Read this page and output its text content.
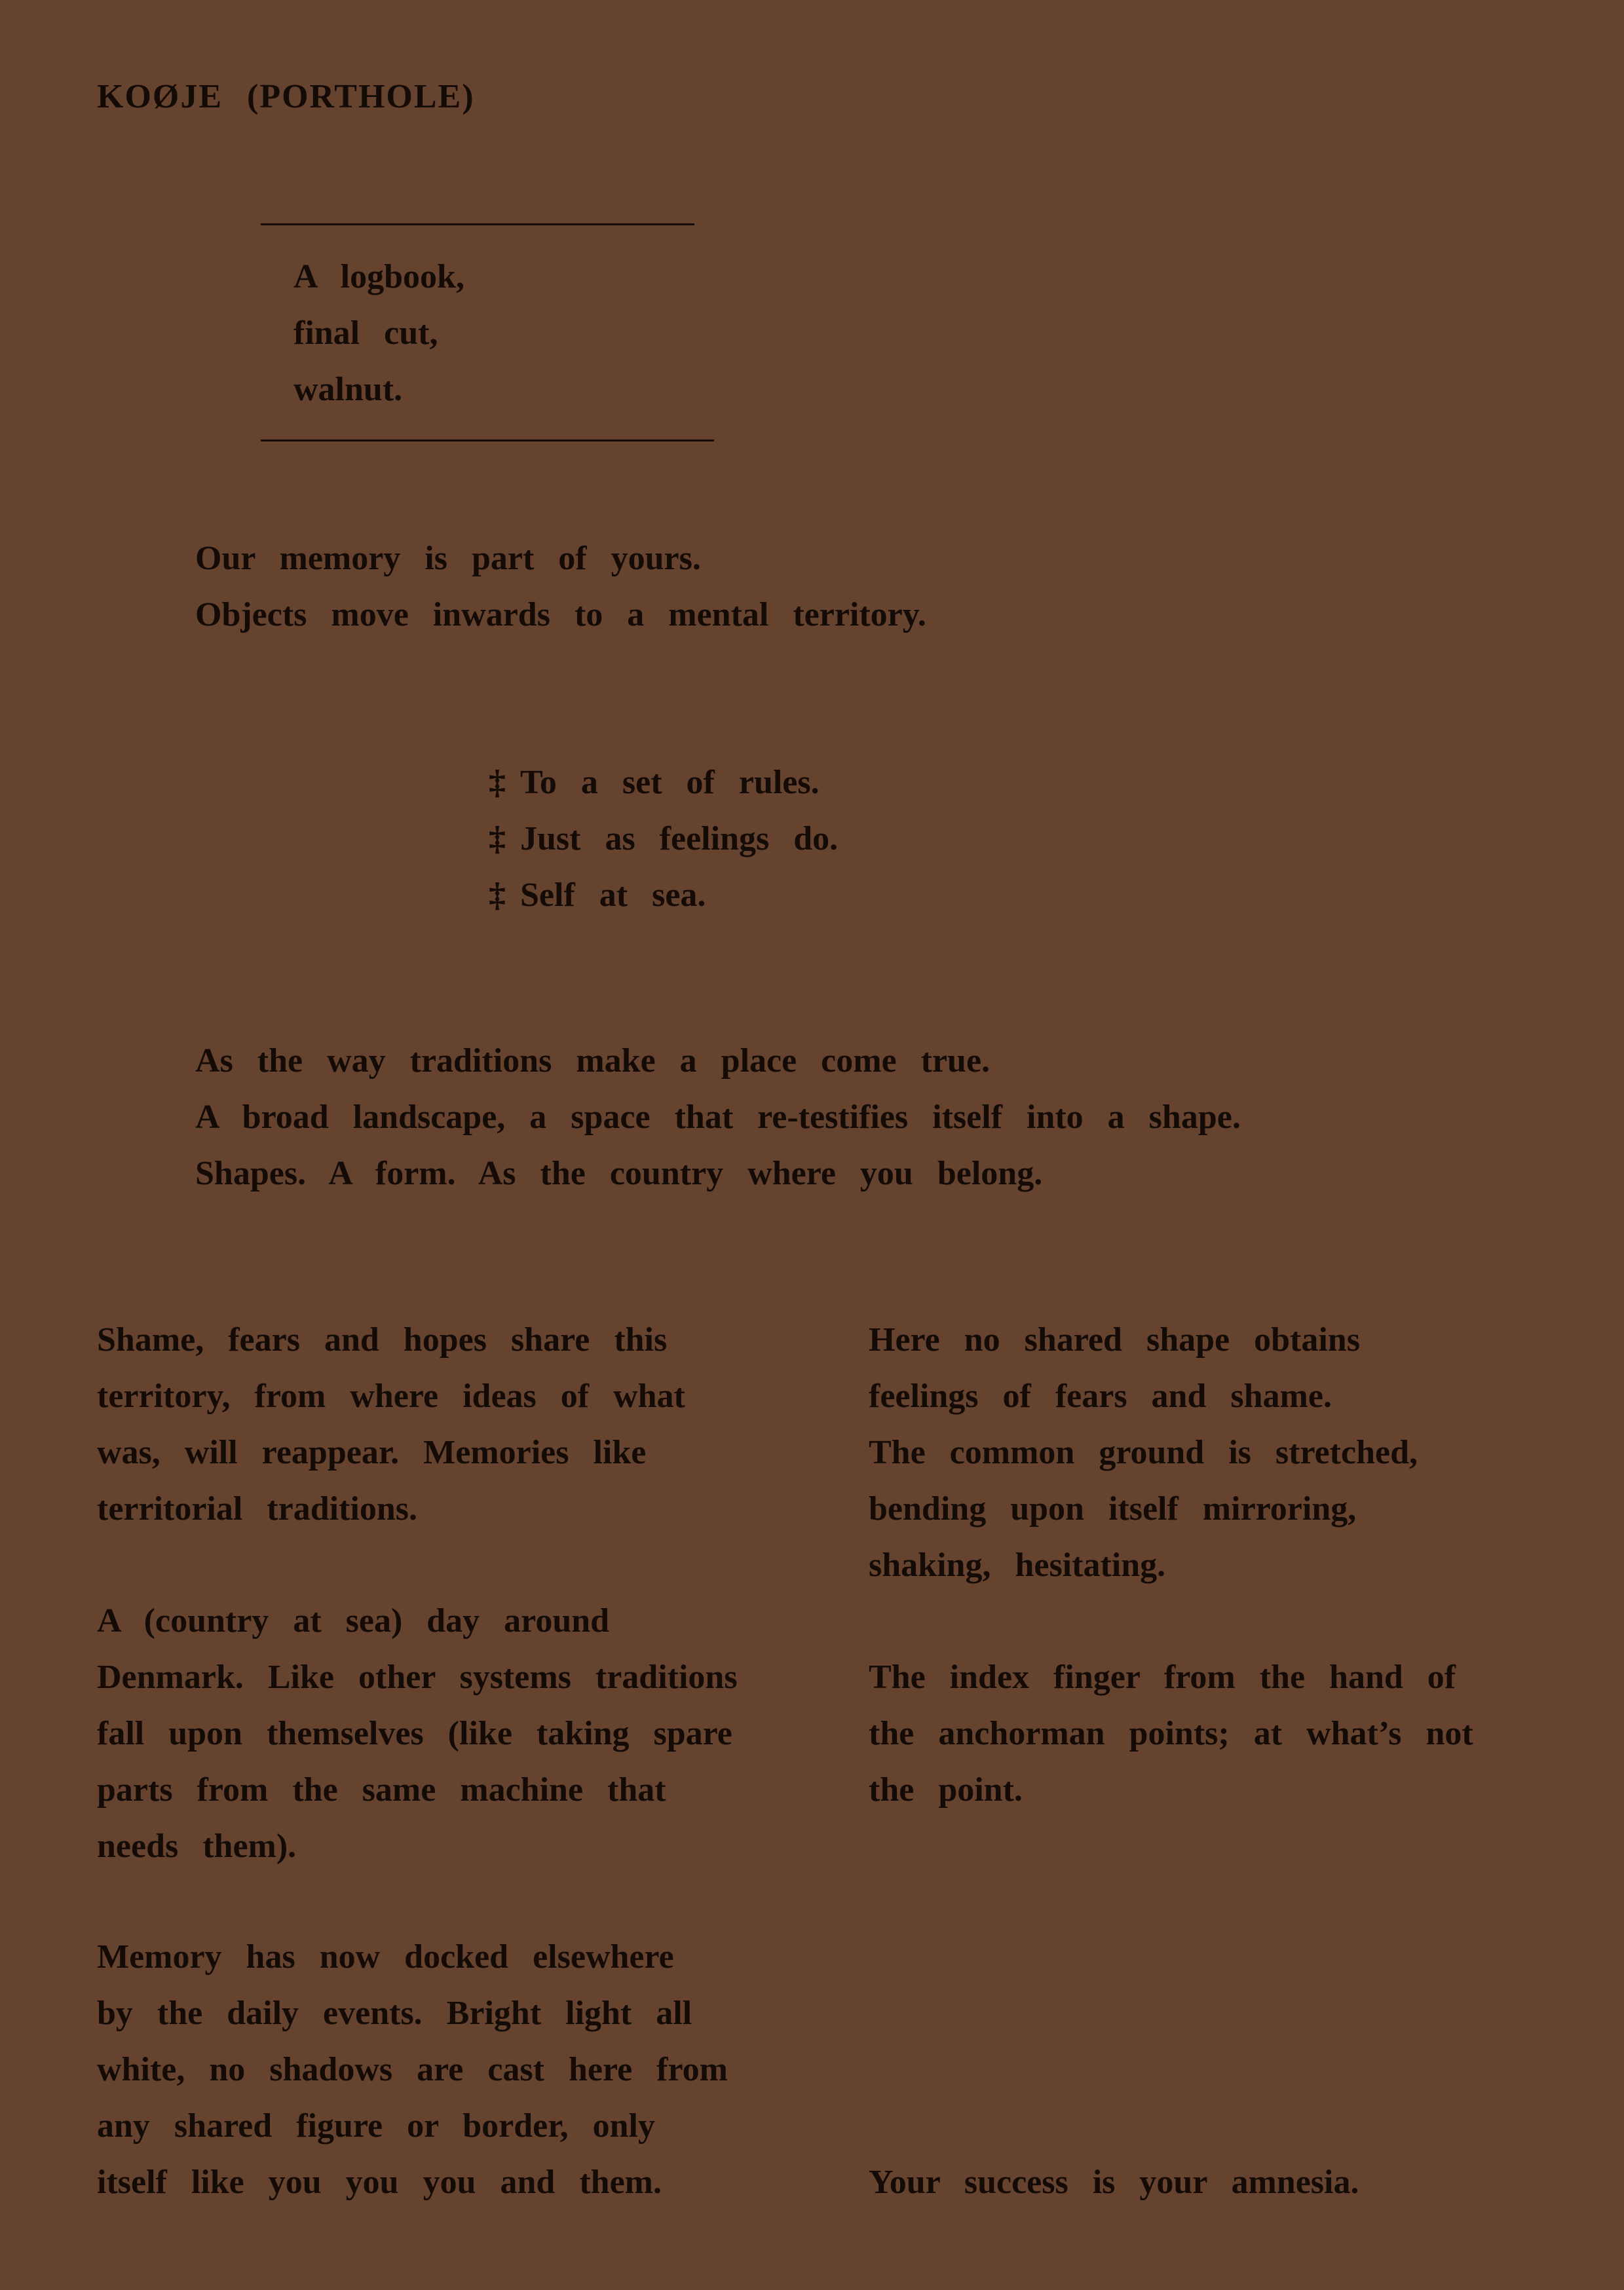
KOØJE (PORTHOLE)
A logbook,
final cut,
walnut.
Our memory is part of yours.
Objects move inwards to a mental territory.
‡ To a set of rules.
‡ Just as feelings do.
‡ Self at sea.
As the way traditions make a place come true.
A broad landscape, a space that re-testifies itself into a shape.
Shapes. A form. As the country where you belong.
Shame, fears and hopes share this
territory, from where ideas of what
was, will reappear. Memories like
territorial traditions.
A (country at sea) day around
Denmark. Like other systems traditions
fall upon themselves (like taking spare
parts from the same machine that
needs them).
Memory has now docked elsewhere
by the daily events. Bright light all
white, no shadows are cast here from
any shared figure or border, only
itself like you you you and them.
Here no shared shape obtains
feelings of fears and shame.
The common ground is stretched,
bending upon itself mirroring,
shaking, hesitating.
The index finger from the hand of
the anchorman points; at what’s not
the point.
Your success is your amnesia.
